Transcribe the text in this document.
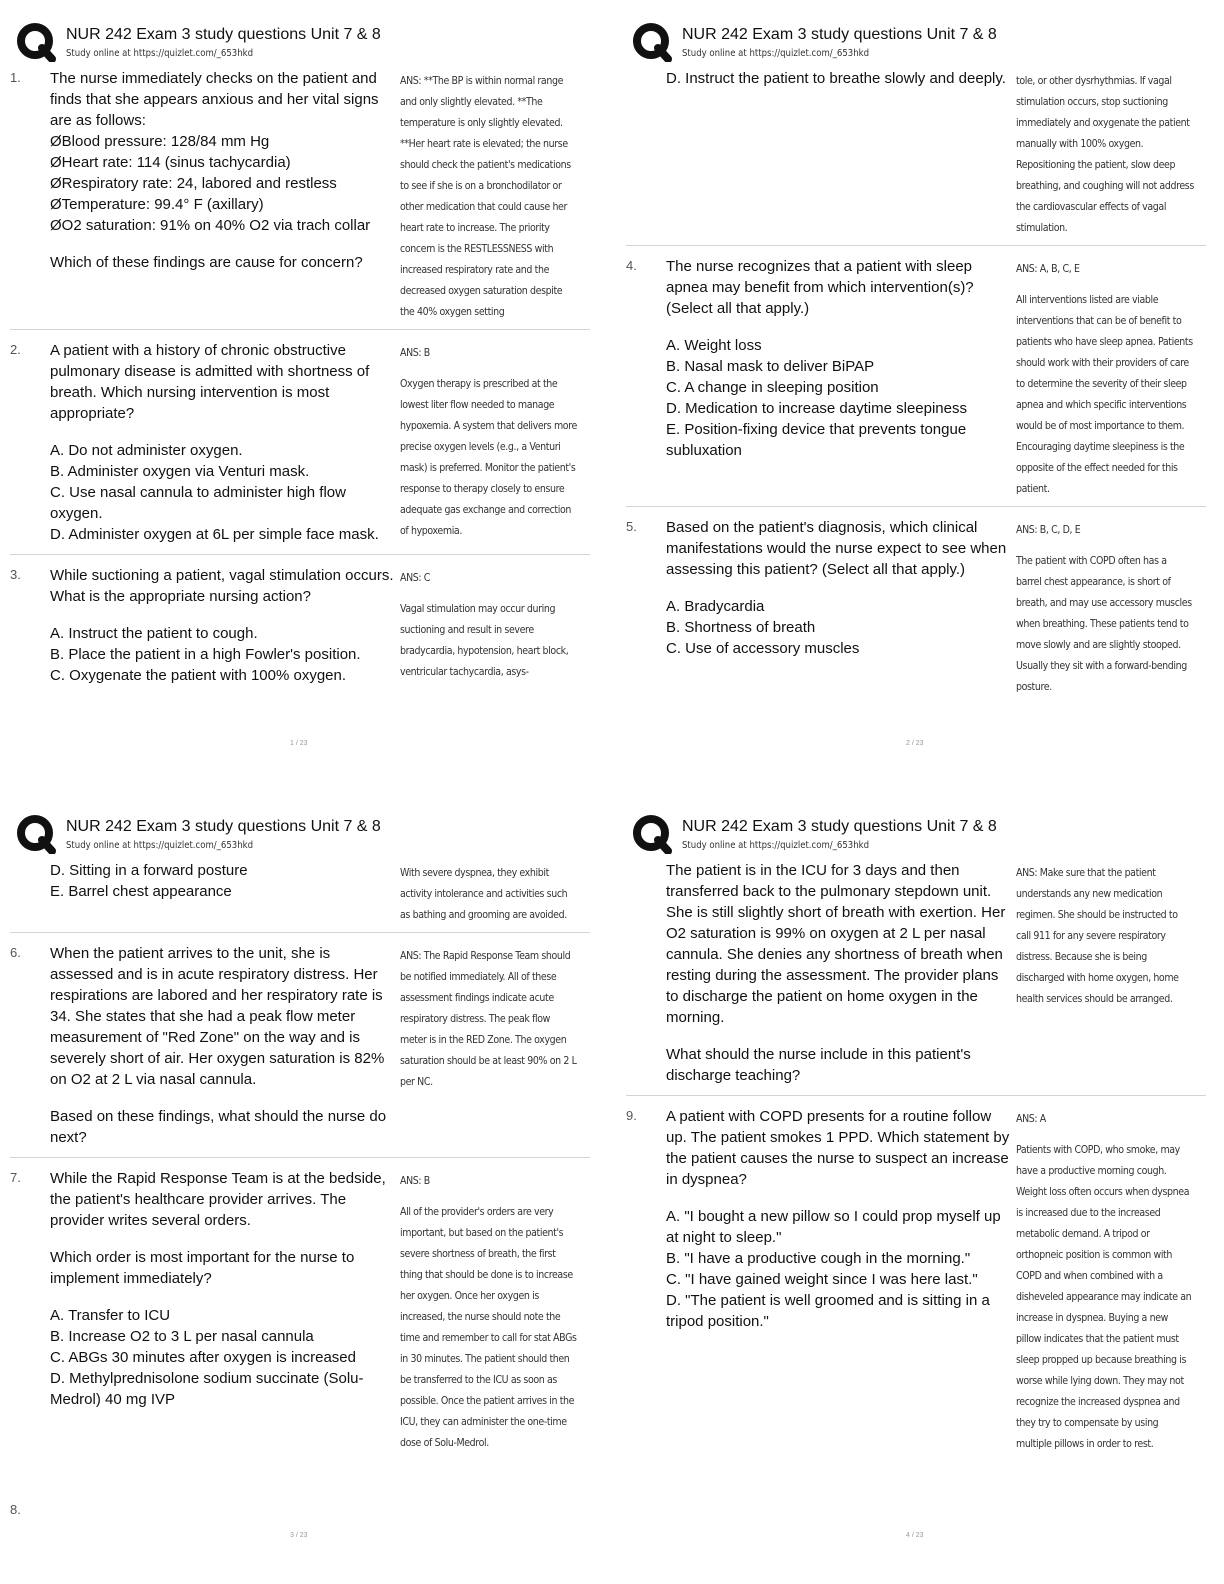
NUR 242 Exam 3 study questions Unit 7 & 8
Study online at https://quizlet.com/_653hkd
1. The nurse immediately checks on the patient and finds that she appears anxious and her vital signs are as follows:

ØBlood pressure: 128/84 mm Hg

ØHeart rate: 114 (sinus tachycardia)

ØRespiratory rate: 24, labored and restless

ØTemperature: 99.4° F (axillary)

ØO2 saturation: 91% on 40% O2 via trach collar

Which of these findings are cause for concern?

ANS: **The BP is within normal range and only slightly elevated. **The temperature is only slightly elevated. **Her heart rate is elevated; the nurse should check the patient's medications to see if she is on a bronchodilator or other medication that could cause her heart rate to increase. The priority concern is the RESTLESSNESS with increased respiratory rate and the decreased oxygen saturation despite the 40% oxygen setting
2. A patient with a history of chronic obstructive pulmonary disease is admitted with shortness of breath. Which nursing intervention is most appropriate?

A. Do not administer oxygen.

B. Administer oxygen via Venturi mask.

C. Use nasal cannula to administer high flow oxygen.

D. Administer oxygen at 6L per simple face mask.

ANS: B
Oxygen therapy is prescribed at the lowest liter flow needed to manage hypoxemia. A system that delivers more precise oxygen levels (e.g., a Venturi mask) is preferred. Monitor the patient's response to therapy closely to ensure adequate gas exchange and correction of hypoxemia.
3. While suctioning a patient, vagal stimulation occurs. What is the appropriate nursing action?

A. Instruct the patient to cough.

B. Place the patient in a high Fowler's position.

C. Oxygenate the patient with 100% oxygen.

ANS: C
Vagal stimulation may occur during suctioning and result in severe bradycardia, hypotension, heart block, ventricular tachycardia, asys-
1 / 23
NUR 242 Exam 3 study questions Unit 7 & 8
Study online at https://quizlet.com/_653hkd

D. Instruct the patient to breathe slowly and deeply. tole, or other dysrhythmias. If vagal stimulation occurs, stop suctioning immediately and oxygenate the patient manually with 100% oxygen. Repositioning the patient, slow deep breathing, and coughing will not address the cardiovascular effects of vagal stimulation.
4. The nurse recognizes that a patient with sleep apnea may benefit from which intervention(s)? (Select all that apply.)

A. Weight loss

B. Nasal mask to deliver BiPAP

C. A change in sleeping position

D. Medication to increase daytime sleepiness

E. Position-fixing device that prevents tongue subluxation

ANS: A, B, C, E
All interventions listed are viable interventions that can be of benefit to patients who have sleep apnea. Patients should work with their providers of care to determine the severity of their sleep apnea and which specific interventions would be of most importance to them. Encouraging daytime sleepiness is the opposite of the effect needed for this patient.
5. Based on the patient's diagnosis, which clinical manifestations would the nurse expect to see when assessing this patient? (Select all that apply.)

A. Bradycardia

B. Shortness of breath

C. Use of accessory muscles

ANS: B, C, D, E
The patient with COPD often has a barrel chest appearance, is short of breath, and may use accessory muscles when breathing. These patients tend to move slowly and are slightly stooped. Usually they sit with a forward-bending posture.
2 / 23
NUR 242 Exam 3 study questions Unit 7 & 8
Study online at https://quizlet.com/_653hkd

D. Sitting in a forward posture

E. Barrel chest appearance

With severe dyspnea, they exhibit activity intolerance and activities such as bathing and grooming are avoided.
6. When the patient arrives to the unit, she is assessed and is in acute respiratory distress. Her respirations are labored and her respiratory rate is 34. She states that she had a peak flow meter measurement of "Red Zone" on the way and is severely short of air. Her oxygen saturation is 82% on O2 at 2 L via nasal cannula.

Based on these findings, what should the nurse do next?

ANS: The Rapid Response Team should be notified immediately. All of these assessment findings indicate acute respiratory distress. The peak flow meter is in the RED Zone. The oxygen saturation should be at least 90% on 2 L per NC.
7. While the Rapid Response Team is at the bedside, the patient's healthcare provider arrives. The provider writes several orders.

Which order is most important for the nurse to implement immediately?

A. Transfer to ICU

B. Increase O2 to 3 L per nasal cannula

C. ABGs 30 minutes after oxygen is increased

D. Methylprednisolone sodium succinate (Solu-Medrol) 40 mg IVP

ANS: B
All of the provider's orders are very important, but based on the patient's severe shortness of breath, the first thing that should be done is to increase her oxygen. Once her oxygen is increased, the nurse should note the time and remember to call for stat ABGs in 30 minutes. The patient should then be transferred to the ICU as soon as possible. Once the patient arrives in the ICU, they can administer the one-time dose of Solu-Medrol.
3 / 23
8.
NUR 242 Exam 3 study questions Unit 7 & 8
Study online at https://quizlet.com/_653hkd

The patient is in the ICU for 3 days and then transferred back to the pulmonary stepdown unit. She is still slightly short of breath with exertion. Her O2 saturation is 99% on oxygen at 2 L per nasal cannula. She denies any shortness of breath when resting during the assessment. The provider plans to discharge the patient on home oxygen in the morning.

What should the nurse include in this patient's discharge teaching?

ANS: Make sure that the patient understands any new medication regimen. She should be instructed to call 911 for any severe respiratory distress. Because she is being discharged with home oxygen, home health services should be arranged.
9. A patient with COPD presents for a routine follow up. The patient smokes 1 PPD. Which statement by the patient causes the nurse to suspect an increase in dyspnea?

A. "I bought a new pillow so I could prop myself up at night to sleep."

B. "I have a productive cough in the morning."

C. "I have gained weight since I was here last."

D. "The patient is well groomed and is sitting in a tripod position."

ANS: A
Patients with COPD, who smoke, may have a productive morning cough. Weight loss often occurs when dyspnea is increased due to the increased metabolic demand. A tripod or orthopneic position is common with COPD and when combined with a disheveled appearance may indicate an increase in dyspnea. Buying a new pillow indicates that the patient must sleep propped up because breathing is worse while lying down. They may not recognize the increased dyspnea and they try to compensate by using multiple pillows in order to rest.
4 / 23
